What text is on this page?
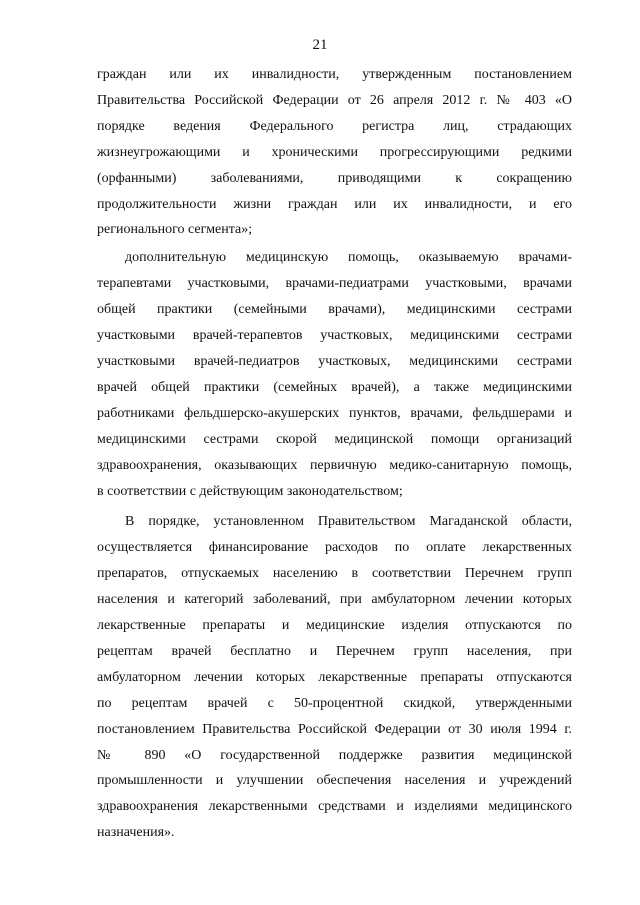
21
граждан или их инвалидности, утвержденным постановлением
Правительства Российской Федерации от 26 апреля 2012 г. № 403 «О
порядке ведения Федерального регистра лиц, страдающих
жизнеугрожающими и хроническими прогрессирующими редкими
(орфанными) заболеваниями, приводящими к сокращению
продолжительности жизни граждан или их инвалидности, и его
регионального сегмента»;
дополнительную медицинскую помощь, оказываемую врачами-
терапевтами участковыми, врачами-педиатрами участковыми, врачами
общей практики (семейными врачами), медицинскими сестрами
участковыми врачей-терапевтов участковых, медицинскими сестрами
участковыми врачей-педиатров участковых, медицинскими сестрами
врачей общей практики (семейных врачей), а также медицинскими
работниками фельдшерско-акушерских пунктов, врачами, фельдшерами и
медицинскими сестрами скорой медицинской помощи организаций
здравоохранения, оказывающих первичную медико-санитарную помощь,
в соответствии с действующим законодательством;
В порядке, установленном Правительством Магаданской области,
осуществляется финансирование расходов по оплате лекарственных
препаратов, отпускаемых населению в соответствии Перечнем групп
населения и категорий заболеваний, при амбулаторном лечении которых
лекарственные препараты и медицинские изделия отпускаются по
рецептам врачей бесплатно и Перечнем групп населения, при
амбулаторном лечении которых лекарственные препараты отпускаются
по рецептам врачей с 50-процентной скидкой, утвержденными
постановлением Правительства Российской Федерации от 30 июля 1994 г.
№ 890 «О государственной поддержке развития медицинской
промышленности и улучшении обеспечения населения и учреждений
здравоохранения лекарственными средствами и изделиями медицинского
назначения».
